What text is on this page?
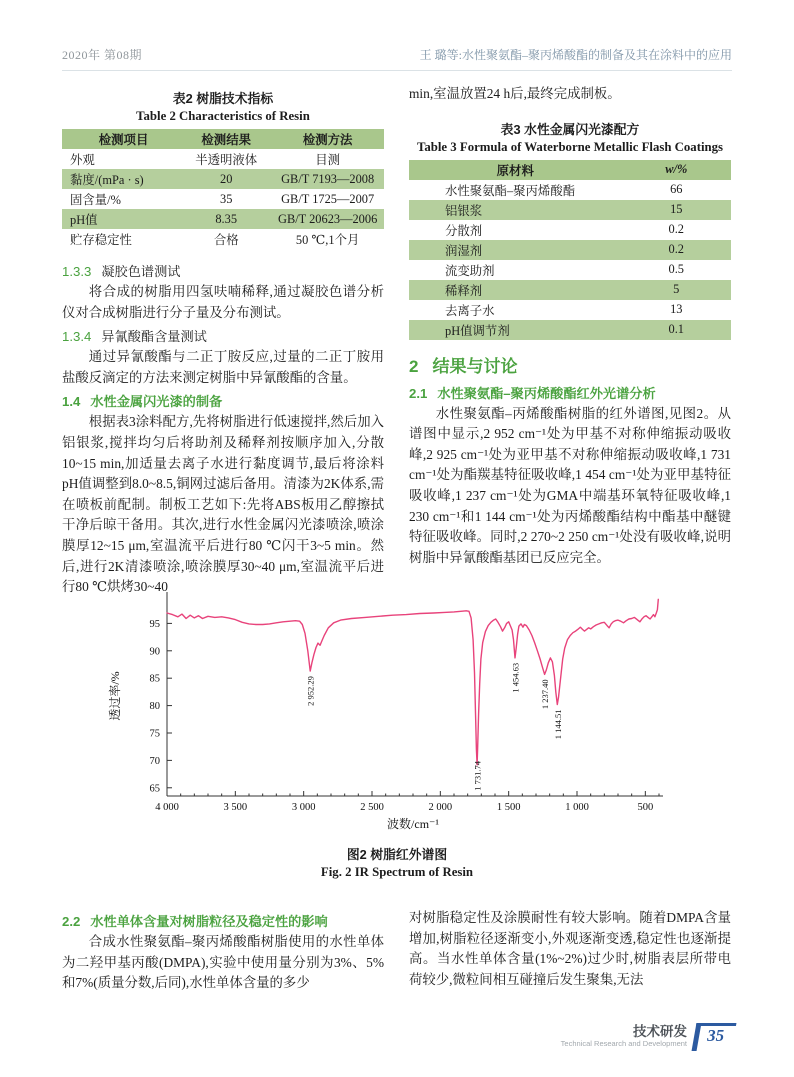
2020年 第08期	王 璐等:水性聚氨酯–聚丙烯酸酯的制备及其在涂料中的应用
表2 树脂技术指标
Table 2 Characteristics of Resin
检测项目	检测结果	检测方法
外观	半透明液体	目测
黏度/(mPa · s)	20	GB/T 7193—2008
固含量/%	35	GB/T 1725—2007
pH值	8.35	GB/T 20623—2006
贮存稳定性	合格	50 ℃,1个月
1.3.3 凝胶色谱测试
将合成的树脂用四氢呋喃稀释,通过凝胶色谱分析仪对合成树脂进行分子量及分布测试。
1.3.4 异氰酸酯含量测试
通过异氰酸酯与二正丁胺反应,过量的二正丁胺用盐酸反滴定的方法来测定树脂中异氰酸酯的含量。
1.4 水性金属闪光漆的制备
根据表3涂料配方,先将树脂进行低速搅拌,然后加入铝银浆,搅拌均匀后将助剂及稀释剂按顺序加入,分散10~15 min,加适量去离子水进行黏度调节,最后将涂料pH值调整到8.0~8.5,铜网过滤后备用。清漆为2K体系,需在喷板前配制。制板工艺如下:先将ABS板用乙醇擦拭干净后晾干备用。其次,进行水性金属闪光漆喷涂,喷涂膜厚12~15 μm,室温流平后进行80 ℃闪干3~5 min。然后,进行2K清漆喷涂,喷涂膜厚30~40 μm,室温流平后进行80 ℃烘烤30~40
min,室温放置24 h后,最终完成制板。
表3 水性金属闪光漆配方
Table 3 Formula of Waterborne Metallic Flash Coatings
原材料	w/%
水性聚氨酯–聚丙烯酸酯	66
铝银浆	15
分散剂	0.2
润湿剂	0.2
流变助剂	0.5
稀释剂	5
去离子水	13
pH值调节剂	0.1
2 结果与讨论
2.1 水性聚氨酯–聚丙烯酸酯红外光谱分析
水性聚氨酯–丙烯酸酯树脂的红外谱图,见图2。从谱图中显示,2 952 cm⁻¹处为甲基不对称伸缩振动吸收峰,2 925 cm⁻¹处为亚甲基不对称伸缩振动吸收峰,1 731 cm⁻¹处为酯羰基特征吸收峰,1 454 cm⁻¹处为亚甲基特征吸收峰,1 237 cm⁻¹处为GMA中端基环氧特征吸收峰,1 230 cm⁻¹和1 144 cm⁻¹处为丙烯酸酯结构中酯基中醚键特征吸收峰。同时,2 270~2 250 cm⁻¹处没有吸收峰,说明树脂中异氰酸酯基团已反应完全。
4 000	3 500	3 000	2 500	2 000	1 500	1 000	500
65
70
75
80
85
90
95
波数/cm⁻¹
透过率/%	2 952.29
1 731.74
1 454.63
1 237.40
1 144.51
图2 树脂红外谱图
Fig. 2 IR Spectrum of Resin
2.2 水性单体含量对树脂粒径及稳定性的影响
合成水性聚氨酯–聚丙烯酸酯树脂使用的水性单体为二羟甲基丙酸(DMPA),实验中使用量分别为3%、5%和7%(质量分数,后同),水性单体含量的多少
对树脂稳定性及涂膜耐性有较大影响。随着DMPA含量增加,树脂粒径逐渐变小,外观逐渐变透,稳定性也逐渐提高。当水性单体含量(1%~2%)过少时,树脂表层所带电荷较少,微粒间相互碰撞后发生聚集,无法
技术研发
Technical Research and Development	35
